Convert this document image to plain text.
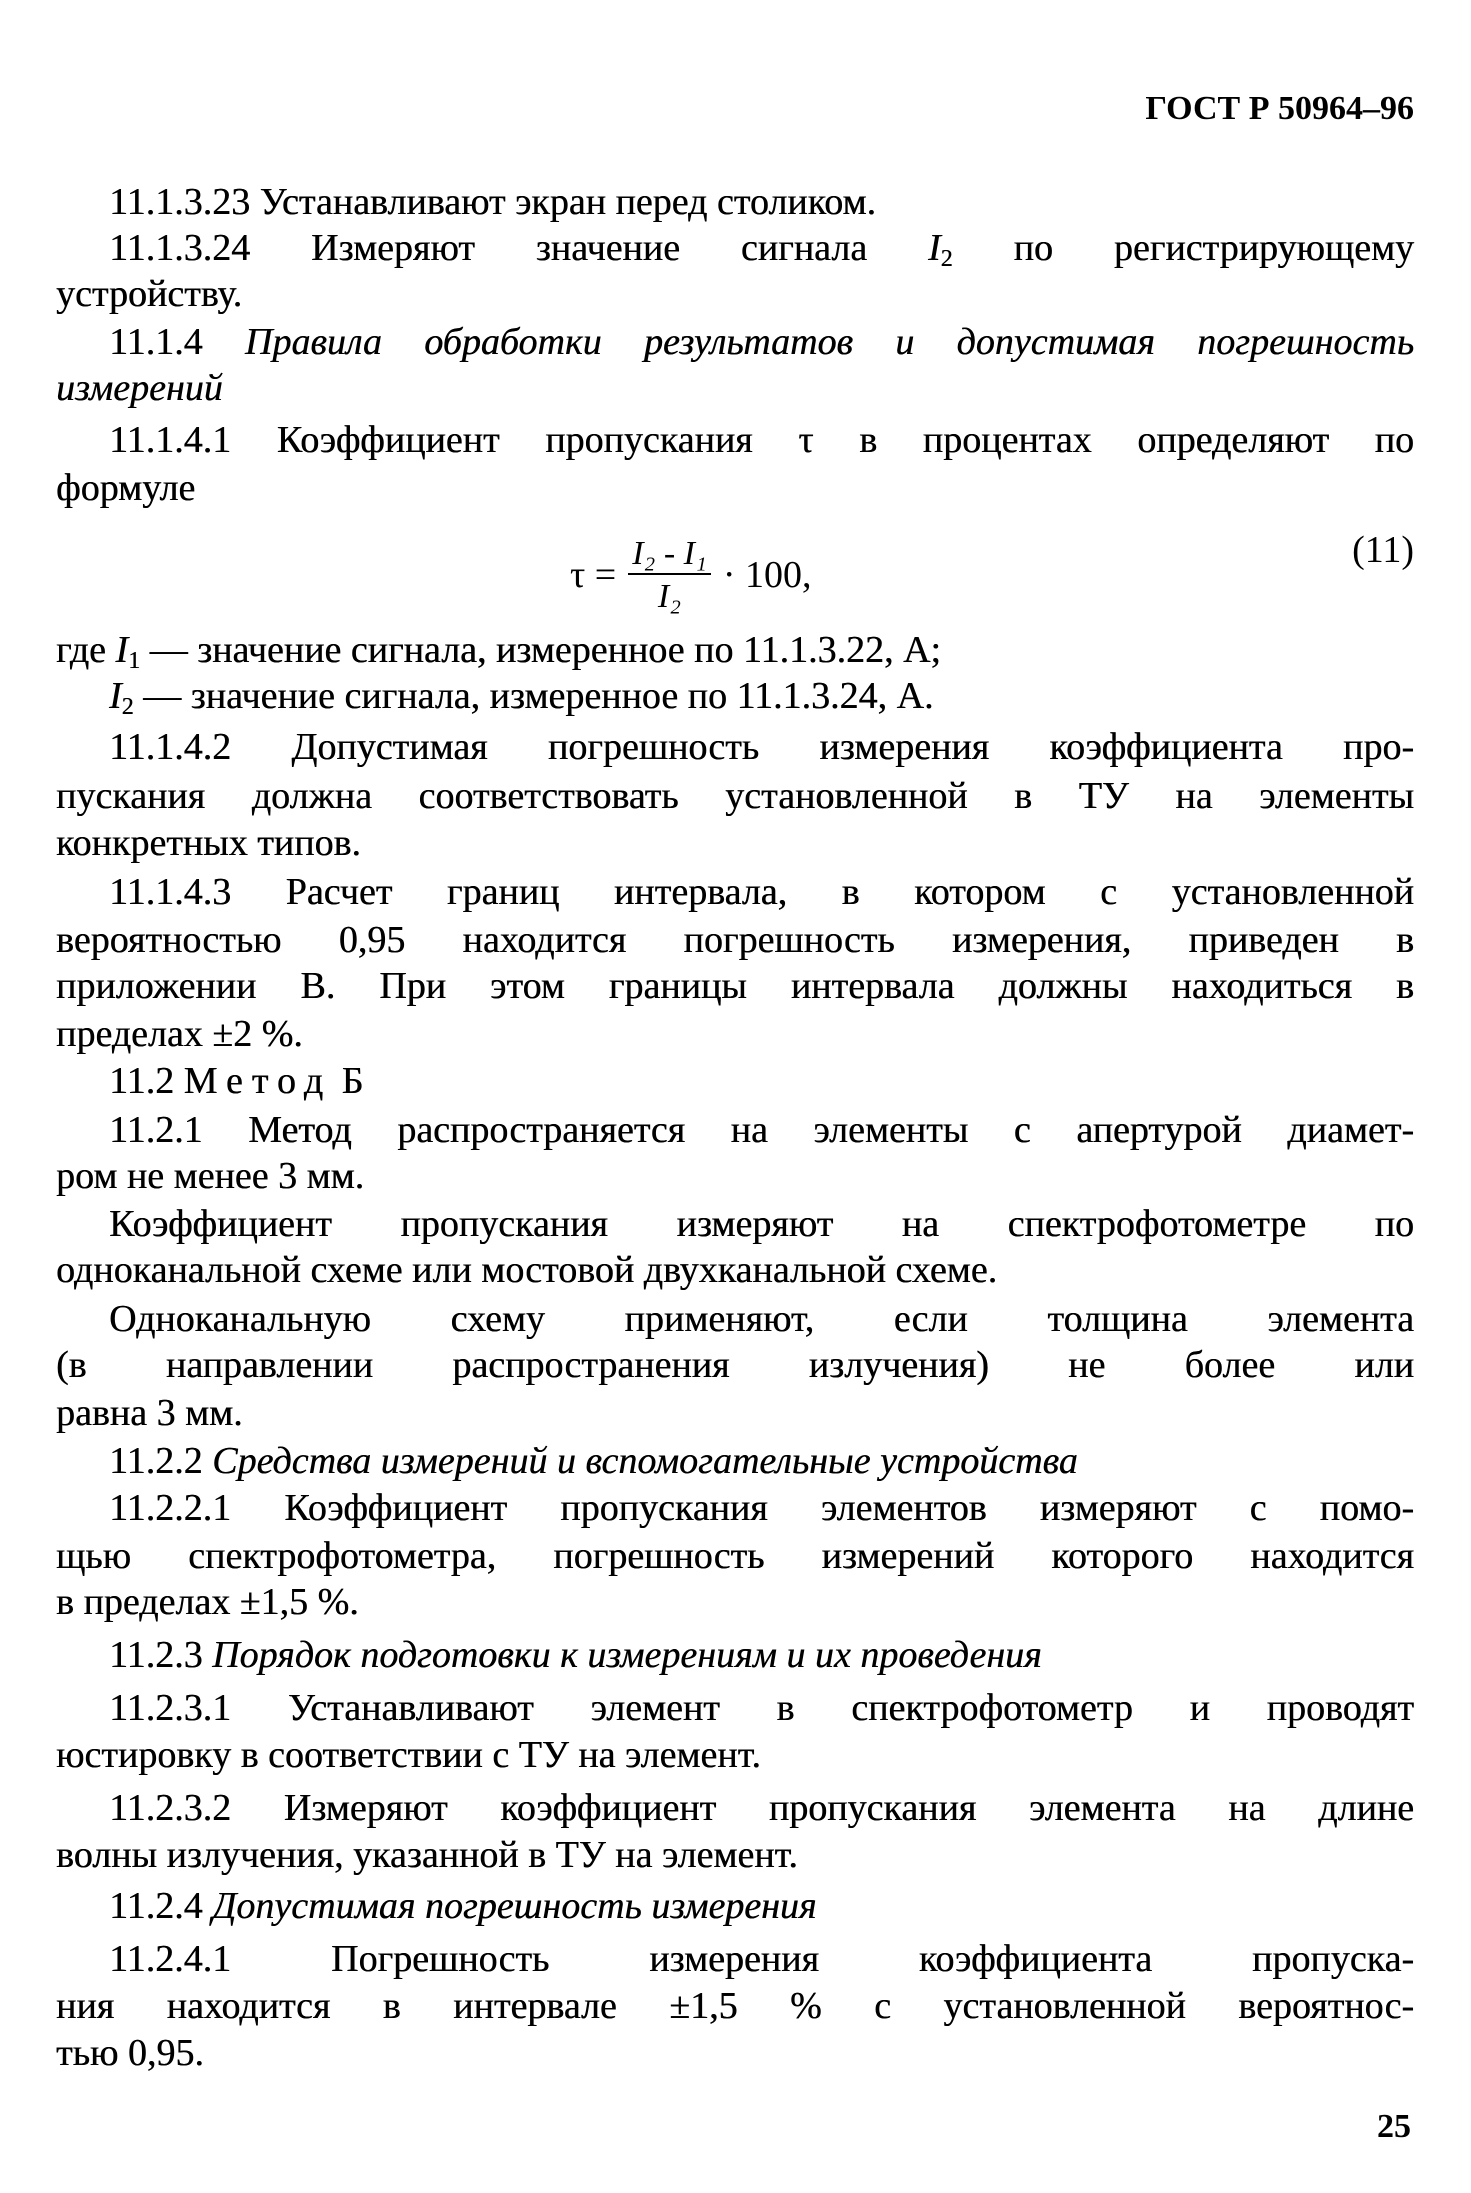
ГОСТ Р 50964–96
11.1.3.23 Устанавливают экран перед столиком.
11.1.3.24 Измеряют значение сигнала $I_2$ по регистрирующему
устройству.
11.1.4 Правила обработки результатов и допустимая погрешность
измерений
11.1.4.1 Коэффициент пропускания τ в процентах определяют по
формуле
$\tau = \frac{\text{I₂ - I₁}}{\text{I₂}} \cdot 100$,
(11)
где $I_1$ — значение сигнала, измеренное по 11.1.3.22, А;
$I_2$ — значение сигнала, измеренное по 11.1.3.24, А.
11.1.4.2 Допустимая погрешность измерения коэффициента про-
пускания должна соответствовать установленной в ТУ на элементы
конкретных типов.
11.1.4.3 Расчет границ интервала, в котором с установленной
вероятностью 0,95 находится погрешность измерения, приведен в
приложении В. При этом границы интервала должны находиться в
пределах ±2 %.
11.2 Метод Б
11.2.1 Метод распространяется на элементы с апертурой диамет-
ром не менее 3 мм.
Коэффициент пропускания измеряют на спектрофотометре по
одноканальной схеме или мостовой двухканальной схеме.
Одноканальную схему применяют, если толщина элемента
(в направлении распространения излучения) не более или
равна 3 мм.
11.2.2 Средства измерений и вспомогательные устройства
11.2.2.1 Коэффициент пропускания элементов измеряют с помо-
щью спектрофотометра, погрешность измерений которого находится
в пределах ±1,5 %.
11.2.3 Порядок подготовки к измерениям и их проведения
11.2.3.1 Устанавливают элемент в спектрофотометр и проводят
юстировку в соответствии с ТУ на элемент.
11.2.3.2 Измеряют коэффициент пропускания элемента на длине
волны излучения, указанной в ТУ на элемент.
11.2.4 Допустимая погрешность измерения
11.2.4.1 Погрешность измерения коэффициента пропуска-
ния находится в интервале ±1,5 % с установленной вероятнос-
тью 0,95.
25
